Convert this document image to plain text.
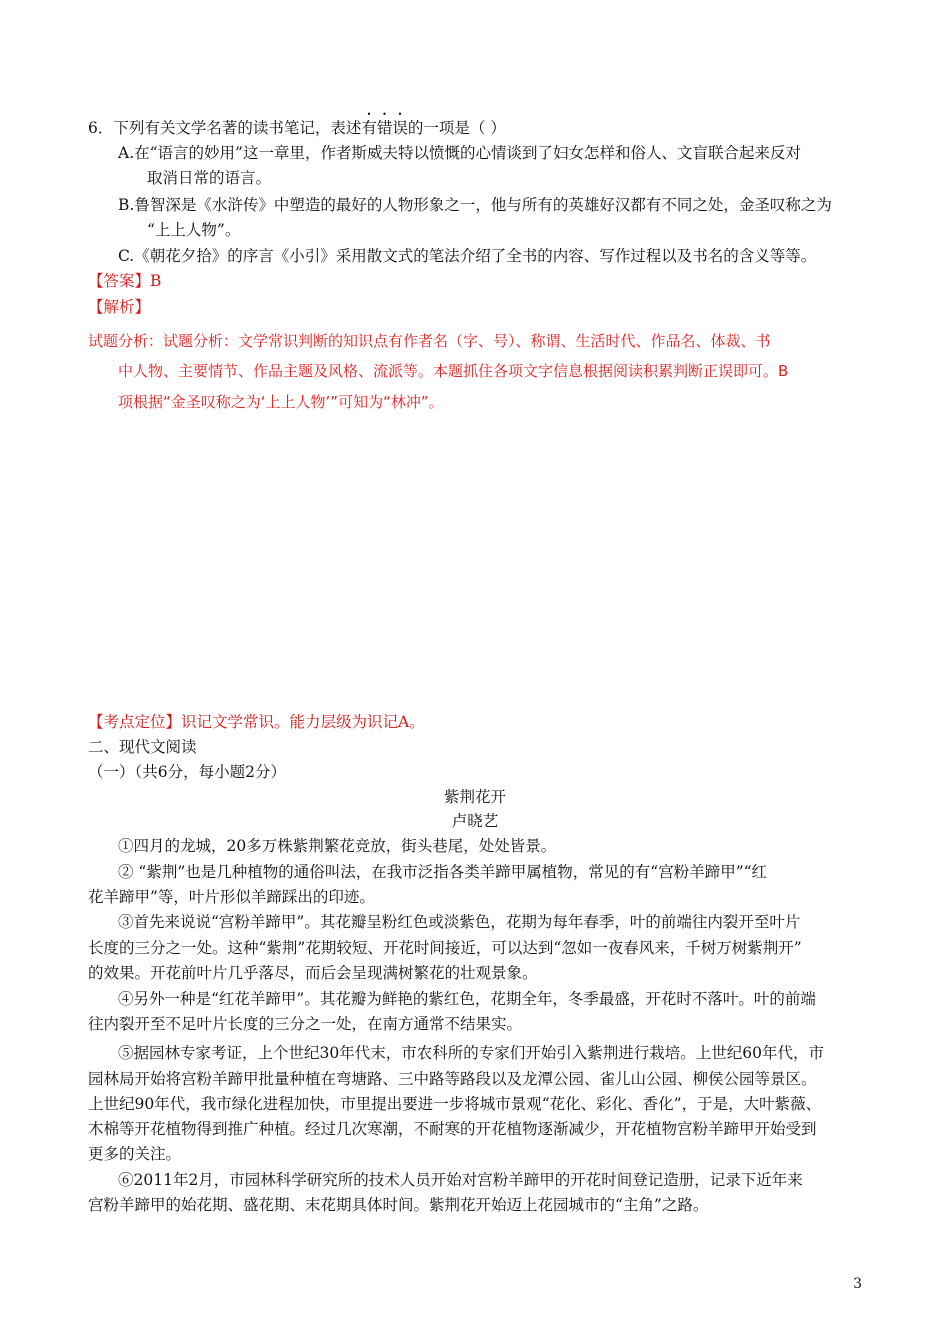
6．下列有关文学名著的读书笔记，表述有错误的一项是（ ）
A.在“语言的妙用”这一章里，作者斯威夫特以愤慨的心情谈到了妇女怎样和俗人、文盲联合起来反对
取消日常的语言。
B.鲁智深是《水浒传》中塑造的最好的人物形象之一，他与所有的英雄好汉都有不同之处，金圣叹称之为
“上上人物”。
C.《朝花夕拾》的序言《小引》采用散文式的笔法介绍了全书的内容、写作过程以及书名的含义等等。
【答案】B
【解析】
试题分析：试题分析：文学常识判断的知识点有作者名（字、号）、称谓、生活时代、作品名、体裁、书
中人物、主要情节、作品主题及风格、流派等。本题抓住各项文字信息根据阅读积累判断正误即可。B
项根据“金圣叹称之为‘上上人物’”可知为“林冲”。
【考点定位】识记文学常识。能力层级为识记A。
二、现代文阅读
（一）（共6分，每小题2分）
紫荆花开
卢晓艺
①四月的龙城，20多万株紫荆繁花竞放，街头巷尾，处处皆景。
② “紫荆”也是几种植物的通俗叫法，在我市泛指各类羊蹄甲属植物，常见的有“宫粉羊蹄甲”“红
花羊蹄甲”等，叶片形似羊蹄踩出的印迹。
③首先来说说“宫粉羊蹄甲”。其花瓣呈粉红色或淡紫色，花期为每年春季，叶的前端往内裂开至叶片
长度的三分之一处。这种“紫荆”花期较短、开花时间接近，可以达到“忽如一夜春风来，千树万树紫荆开”
的效果。开花前叶片几乎落尽，而后会呈现满树繁花的壮观景象。
④另外一种是“红花羊蹄甲”。其花瓣为鲜艳的紫红色，花期全年，冬季最盛，开花时不落叶。叶的前端
往内裂开至不足叶片长度的三分之一处，在南方通常不结果实。
⑤据园林专家考证，上个世纪30年代末，市农科所的专家们开始引入紫荆进行栽培。上世纪60年代，市
园林局开始将宫粉羊蹄甲批量种植在弯塘路、三中路等路段以及龙潭公园、雀儿山公园、柳侯公园等景区。
上世纪90年代，我市绿化进程加快，市里提出要进一步将城市景观“花化、彩化、香化”，于是，大叶紫薇、
木棉等开花植物得到推广种植。经过几次寒潮，不耐寒的开花植物逐渐减少，开花植物宫粉羊蹄甲开始受到
更多的关注。
⑥2011年2月，市园林科学研究所的技术人员开始对宫粉羊蹄甲的开花时间登记造册，记录下近年来
宫粉羊蹄甲的始花期、盛花期、末花期具体时间。紫荆花开始迈上花园城市的“主角”之路。
3
